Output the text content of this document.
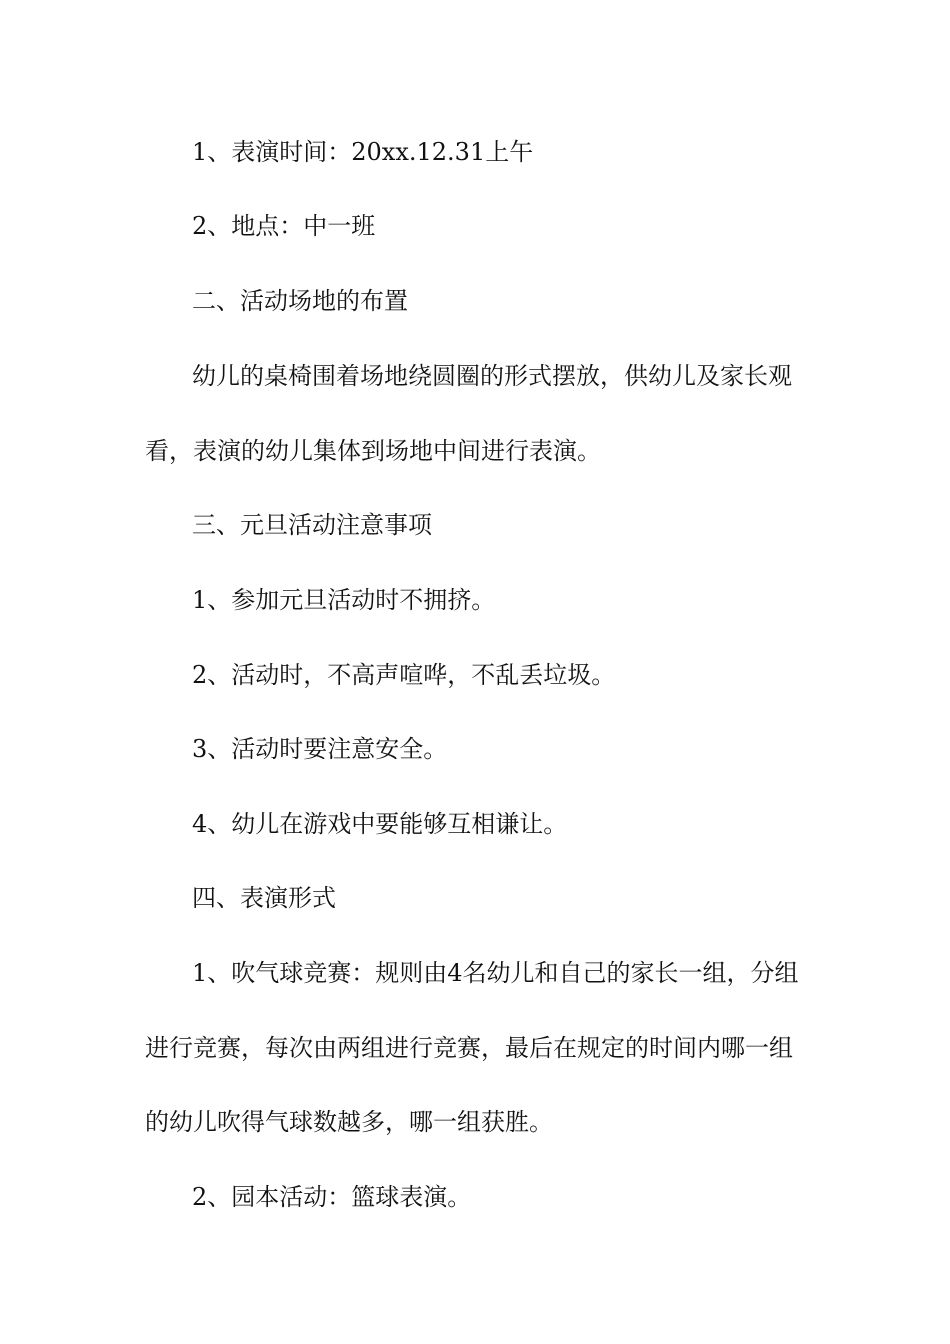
1、表演时间：20xx.12.31上午
2、地点：中一班
二、活动场地的布置
幼儿的桌椅围着场地绕圆圈的形式摆放，供幼儿及家长观
看，表演的幼儿集体到场地中间进行表演。
三、元旦活动注意事项
1、参加元旦活动时不拥挤。
2、活动时，不高声喧哗，不乱丢垃圾。
3、活动时要注意安全。
4、幼儿在游戏中要能够互相谦让。
四、表演形式
1、吹气球竞赛：规则由4名幼儿和自己的家长一组，分组
进行竞赛，每次由两组进行竞赛，最后在规定的时间内哪一组
的幼儿吹得气球数越多，哪一组获胜。
2、园本活动：篮球表演。
